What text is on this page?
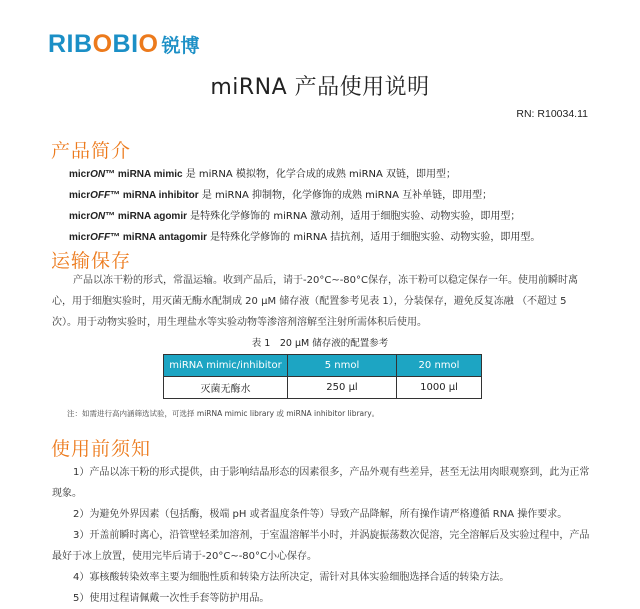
RIBOBIO 锐博
miRNA 产品使用说明
RN: R10034.11
产品简介
micrON™ miRNA mimic 是 miRNA 模拟物，化学合成的成熟 miRNA 双链，即用型；
micrOFF™ miRNA inhibitor 是 miRNA 抑制物，化学修饰的成熟 miRNA 互补单链，即用型；
micrON™ miRNA agomir 是特殊化学修饰的 miRNA 激动剂，适用于细胞实验、动物实验，即用型；
micrOFF™ miRNA antagomir 是特殊化学修饰的 miRNA 拮抗剂，适用于细胞实验、动物实验，即用型。
运输保存
产品以冻干粉的形式，常温运输。收到产品后，请于-20°C~-80°C保存，冻干粉可以稳定保存一年。使用前瞬时离心，用于细胞实验时，用灭菌无酶水配制成 20 μM 储存液（配置参考见表 1），分装保存，避免反复冻融 （不超过 5 次）。用于动物实验时，用生理盐水等实验动物等渗溶剂溶解至注射所需体积后使用。
表 1　20 μM 储存液的配置参考
miRNA mimic/inhibitor	5 nmol	20 nmol
灭菌无酶水	250 μl	1000 μl
注：如需进行高内涵筛选试验，可选择 miRNA mimic library 或 miRNA inhibitor library。
使用前须知
1）产品以冻干粉的形式提供，由于影响结晶形态的因素很多，产品外观有些差异，甚至无法用肉眼观察到，此为正常现象。
2）为避免外界因素（包括酶，极端 pH 或者温度条件等）导致产品降解，所有操作请严格遵循 RNA 操作要求。
3）开盖前瞬时离心，沿管壁轻柔加溶剂，于室温溶解半小时，并涡旋振荡数次促溶，完全溶解后及实验过程中，产品最好于冰上放置，使用完毕后请于-20°C~-80°C小心保存。
4）寡核酸转染效率主要为细胞性质和转染方法所决定，需针对具体实验细胞选择合适的转染方法。
5）使用过程请佩戴一次性手套等防护用品。
